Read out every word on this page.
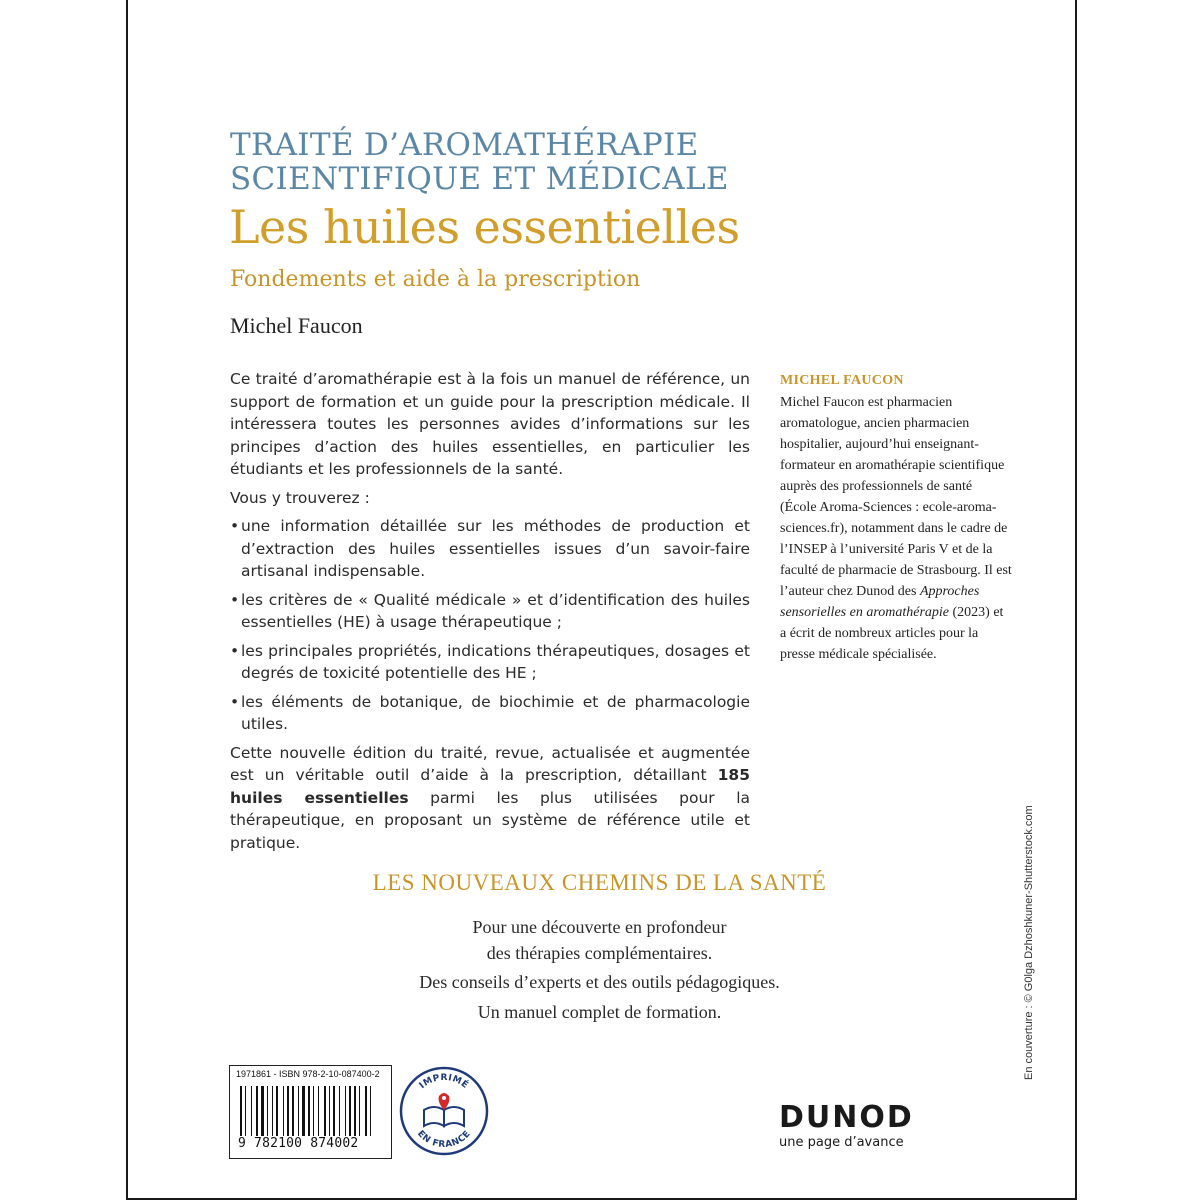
TRAITÉ D’AROMATHÉRAPIE
SCIENTIFIQUE ET MÉDICALE
Les huiles essentielles
Fondements et aide à la prescription
Michel Faucon

Ce traité d’aromathérapie est à la fois un manuel de référence, un support de formation et un guide pour la prescription médicale. Il intéressera toutes les personnes avides d’informations sur les principes d’action des huiles essentielles, en particulier les étudiants et les professionnels de la santé.

Vous y trouverez :

• une information détaillée sur les méthodes de production et d’extraction des huiles essentielles issues d’un savoir-faire artisanal indispensable.
• les critères de « Qualité médicale » et d’identification des huiles essentielles (HE) à usage thérapeutique ;
• les principales propriétés, indications thérapeutiques, dosages et degrés de toxicité potentielle des HE ;
• les éléments de botanique, de biochimie et de pharmacologie utiles.

Cette nouvelle édition du traité, revue, actualisée et augmentée est un véritable outil d’aide à la prescription, détaillant 185 huiles essentielles parmi les plus utilisées pour la thérapeutique, en proposant un système de référence utile et pratique.

MICHEL FAUCON
Michel Faucon est pharmacien aromatologue, ancien pharmacien hospitalier, aujourd’hui enseignant-formateur en aromathérapie scientifique auprès des professionnels de santé (École Aroma-Sciences : ecole-aroma-sciences.fr), notamment dans le cadre de l’INSEP à l’université Paris V et de la faculté de pharmacie de Strasbourg. Il est l’auteur chez Dunod des Approches sensorielles en aromathérapie (2023) et a écrit de nombreux articles pour la presse médicale spécialisée.
LES NOUVEAUX CHEMINS DE LA SANTÉ
Pour une découverte en profondeur
des thérapies complémentaires.
Des conseils d’experts et des outils pédagogiques.
Un manuel complet de formation.	En couverture : © G0lga Dzhoshkuner-Shutterstock.com
1971861 - ISBN 978-2-10-087400-2
9 782100 874002
IMPRIMÉ
EN FRANCE	DUNOD
une page d’avance
